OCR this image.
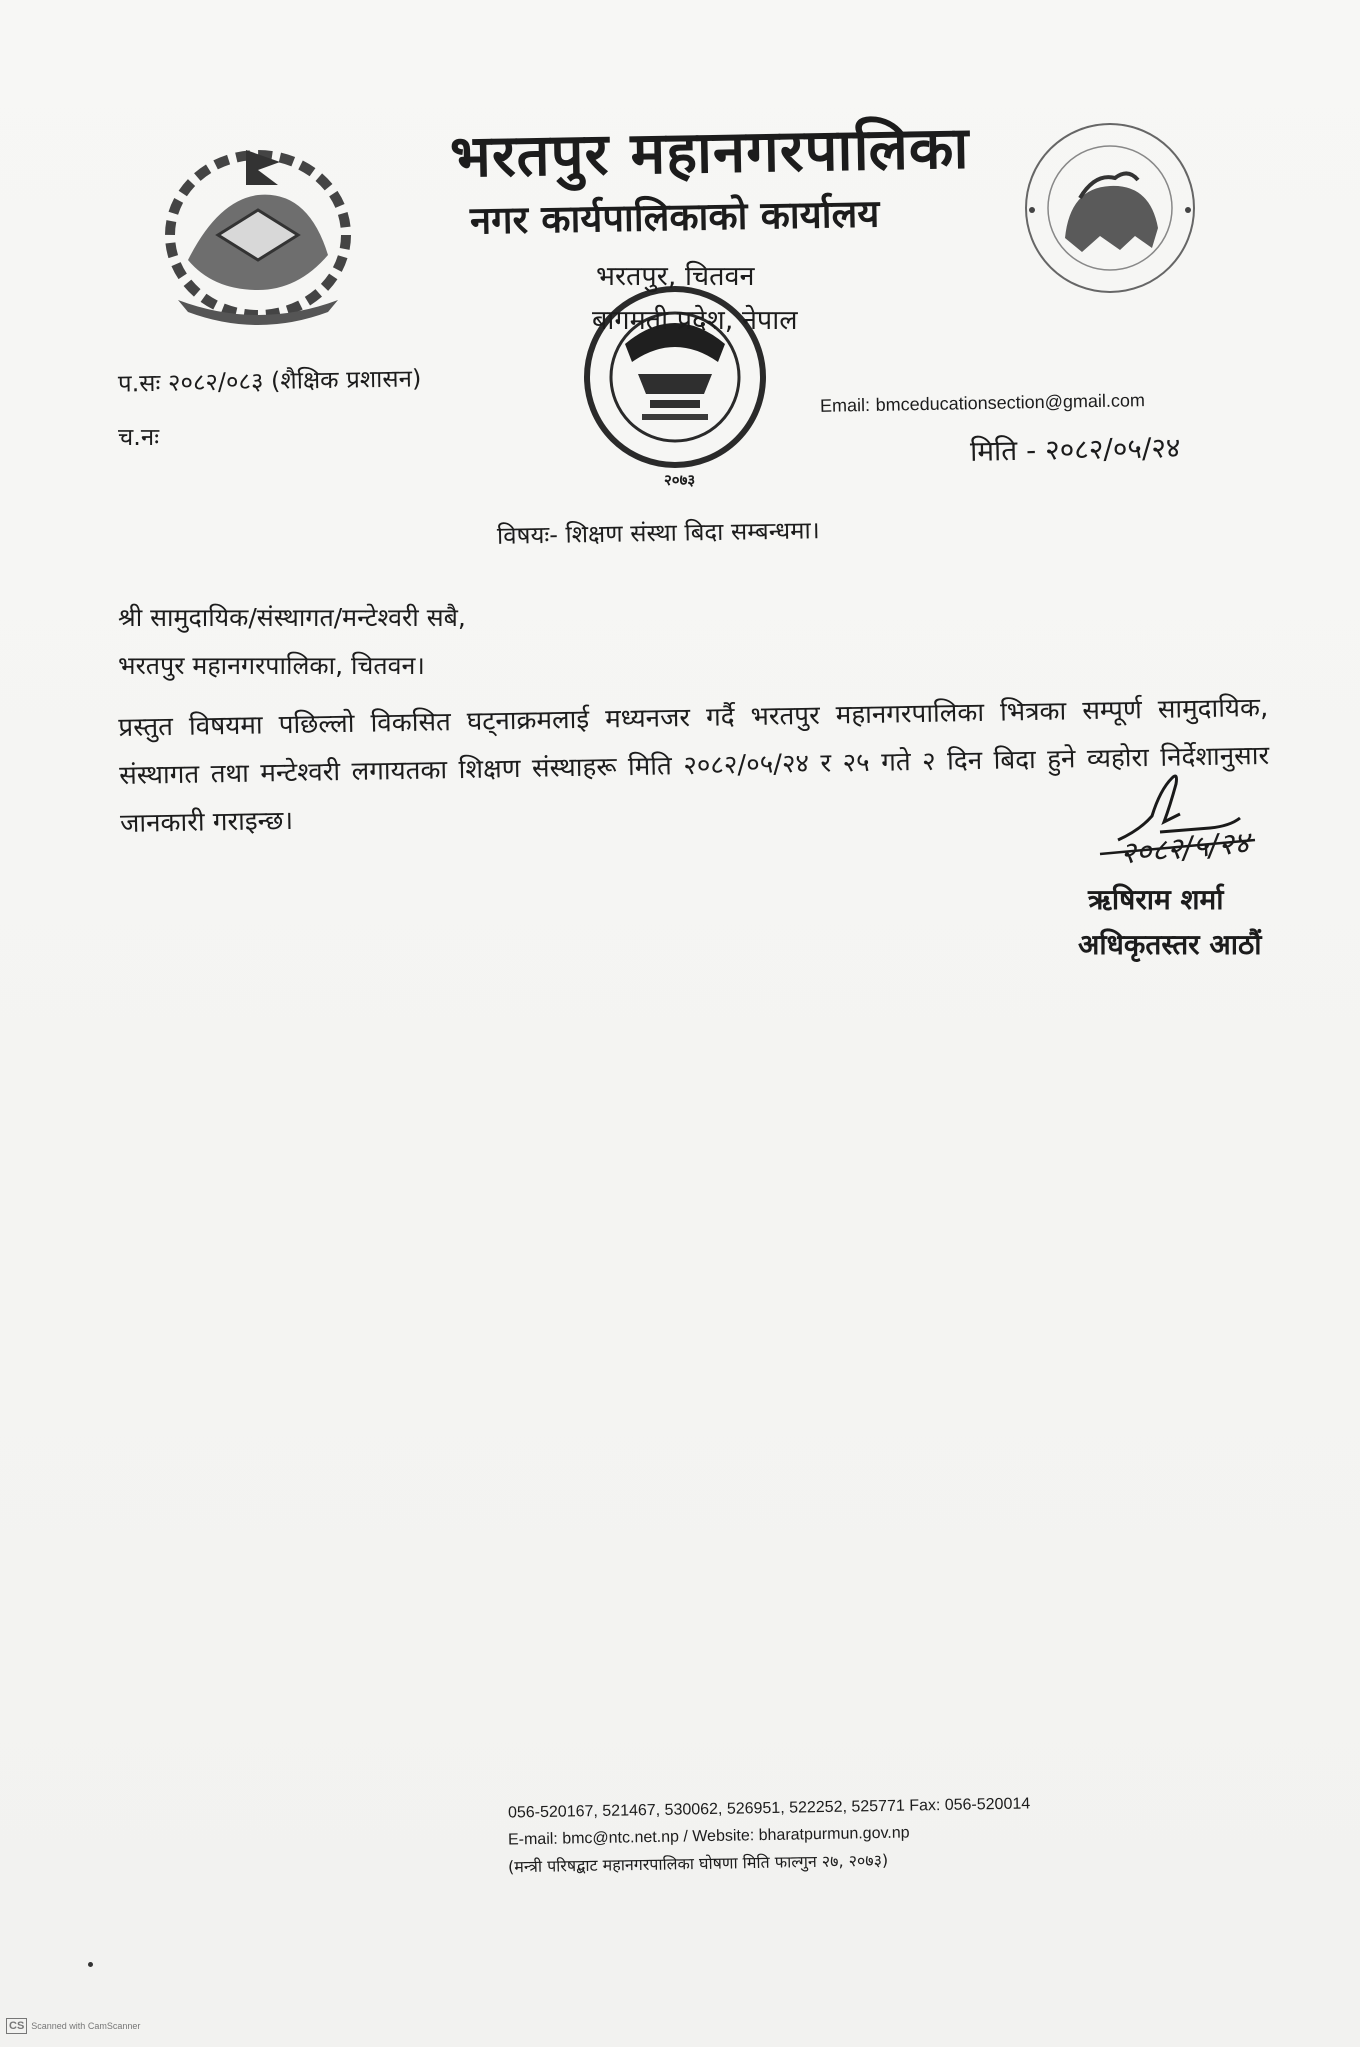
२०७३
भरतपुर महानगरपालिका
नगर कार्यपालिकाको कार्यालय
भरतपुर, चितवन
बागमती प्रदेश, नेपाल
प.सः २०८२/०८३ (शैक्षिक प्रशासन)
च.नः
Email: bmceducationsection@gmail.com
मिति - २०८२/०५/२४
विषयः- शिक्षण संस्था बिदा सम्बन्धमा।
श्री सामुदायिक/संस्थागत/मन्टेश्वरी सबै,
भरतपुर महानगरपालिका, चितवन।
प्रस्तुत विषयमा पछिल्लो विकसित घट्नाक्रमलाई मध्यनजर गर्दै भरतपुर महानगरपालिका भित्रका सम्पूर्ण सामुदायिक, संस्थागत तथा मन्टेश्वरी लगायतका शिक्षण संस्थाहरू मिति २०८२/०५/२४ र २५ गते २ दिन बिदा हुने व्यहोरा निर्देशानुसार जानकारी गराइन्छ।
२०८२/५/२४
ऋषिराम शर्मा
अधिकृतस्तर आठौं
056-520167, 521467, 530062, 526951, 522252, 525771 Fax: 056-520014
E-mail: bmc@ntc.net.np / Website: bharatpurmun.gov.np
(मन्त्री परिषद्बाट महानगरपालिका घोषणा मिति फाल्गुन २७, २०७३)
CS Scanned with CamScanner
